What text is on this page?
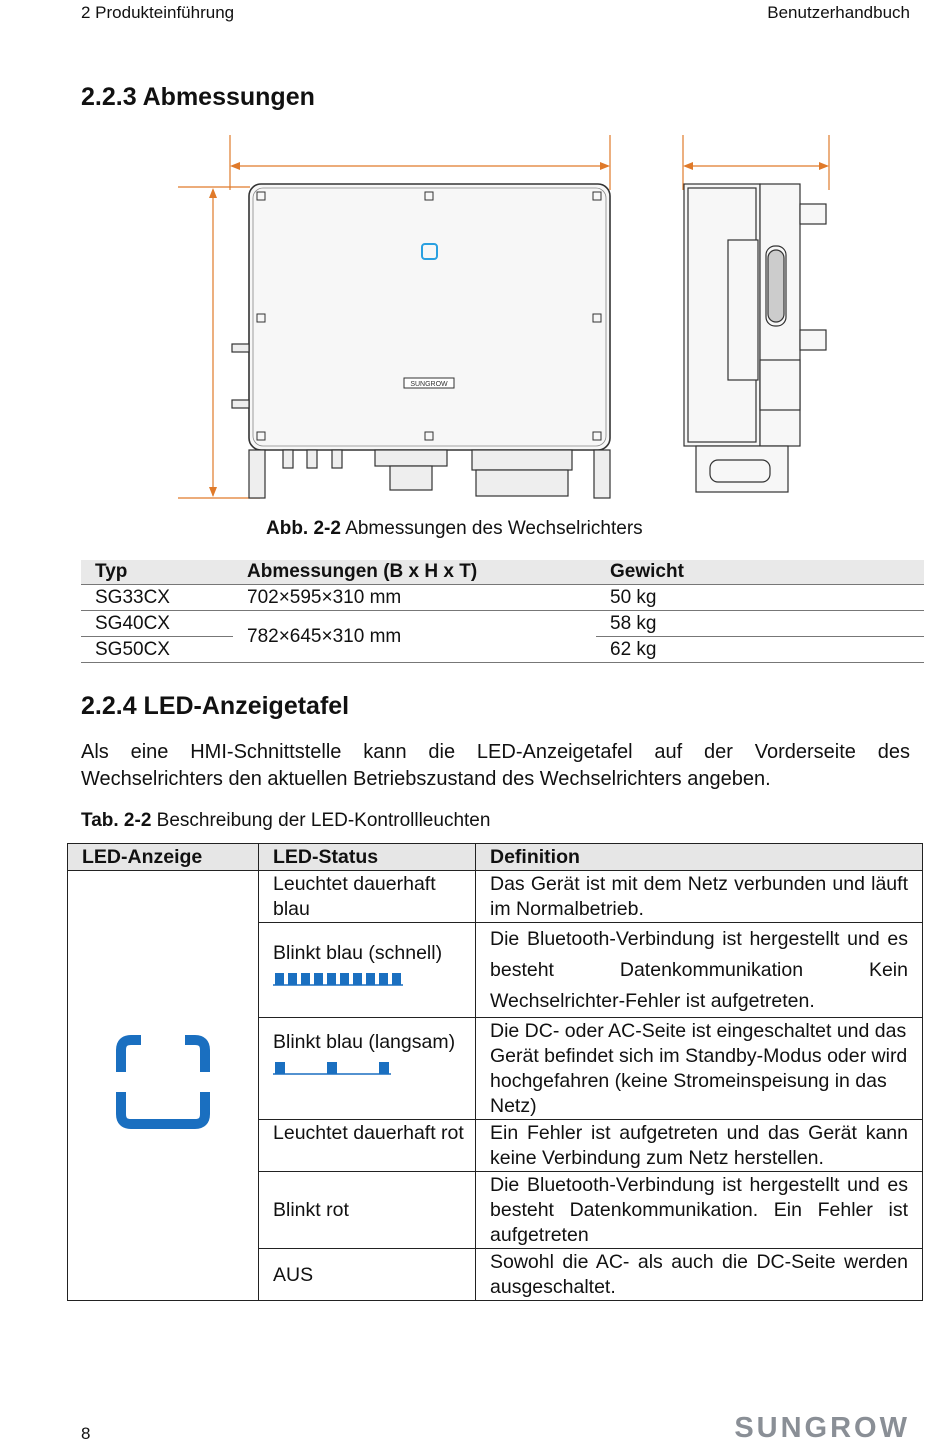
2 Produkteinführung	Benutzerhandbuch
2.2.3 Abmessungen
SUNGROW
Abb. 2-2 Abmessungen des Wechselrichters
Typ	Abmessungen (B x H x T)	Gewicht
SG33CX	702×595×310 mm	50 kg
SG40CX	782×645×310 mm	58 kg
SG50CX		62 kg
2.2.4 LED-Anzeigetafel
Als eine HMI-Schnittstelle kann die LED-Anzeigetafel auf der Vorderseite des Wechselrichters den aktuellen Betriebszustand des Wechselrichters angeben.
Tab. 2-2 Beschreibung der LED-Kontrollleuchten
LED-Anzeige	LED-Status	Definition
	Leuchtet dauerhaft blau	Das Gerät ist mit dem Netz verbunden und läuft im Normalbetrieb.
	Blinkt blau (schnell)	Die Bluetooth-Verbindung ist hergestellt und es besteht Datenkommunikation Kein Wechselrichter-Fehler ist aufgetreten.
	Blinkt blau (langsam)	Die DC- oder AC-Seite ist eingeschaltet und das Gerät befindet sich im Standby-Modus oder wird hochgefahren (keine Stromeinspeisung in das Netz)
	Leuchtet dauerhaft rot	Ein Fehler ist aufgetreten und das Gerät kann keine Verbindung zum Netz herstellen.
	Blinkt rot	Die Bluetooth-Verbindung ist hergestellt und es besteht Datenkommunikation. Ein Fehler ist aufgetreten
	AUS	Sowohl die AC- als auch die DC-Seite werden ausgeschaltet.
8	SUNGROW
